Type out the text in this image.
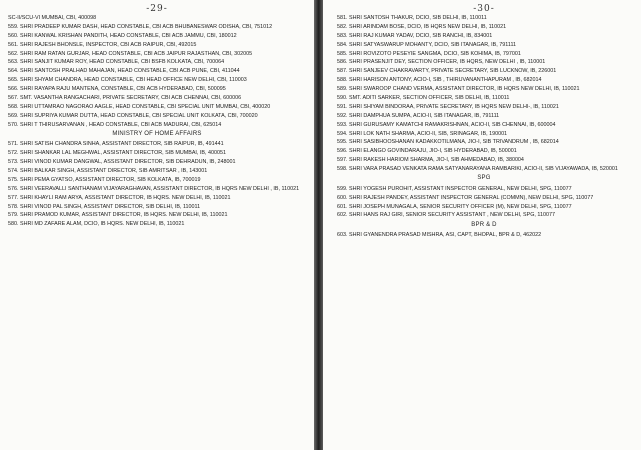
-29-
SC-II/SCU-VI MUMBAI, CBI, 400098
559. SHRI PRADEEP KUMAR DASH, HEAD CONSTABLE, CBI ACB BHUBANESWAR ODISHA, CBI, 751012
560. SHRI KANWAL KRISHAN PANDITH, HEAD CONSTABLE, CBI ACB JAMMU, CBI, 180012
561. SHRI RAJESH BHONSLE, INSPECTOR, CBI ACB RAIPUR, CBI, 492015
562. SHRI RAM RATAN GURJAR, HEAD CONSTABLE, CBI ACB JAIPUR RAJASTHAN, CBI, 302005
563. SHRI SANJIT KUMAR ROY, HEAD CONSTABLE, CBI BSFB KOLKATA, CBI, 700064
564. SHRI SANTOSH PRALHAD MAHAJAN, HEAD CONSTABLE, CBI ACB PUNE, CBI, 411044
565. SHRI SHYAM CHANDRA, HEAD CONSTABLE, CBI HEAD OFFICE NEW DELHI, CBI, 110003
566. SHRI RAYAPA RAJU MANTENA, CONSTABLE, CBI ACB HYDERABAD, CBI, 500095
567. SMT. VASANTHA RANGACHARI, PRIVATE SECRETARY, CBI ACB CHENNAI, CBI, 600006
568. SHRI UTTAMRAO NAGORAO AAGLE, HEAD CONSTABLE, CBI SPECIAL UNIT MUMBAI, CBI, 400020
569. SHRI SUPRIYA KUMAR DUTTA, HEAD CONSTABLE, CBI SPECIAL UNIT KOLKATA, CBI, 700020
570. SHRI T THIRUSARVANAN , HEAD CONSTABLE, CBI ACB MADURAI, CBI, 625014
MINISTRY OF HOME AFFAIRS
571. SHRI SATISH CHANDRA SINHA, ASSISTANT DIRECTOR, SIB RAIPUR, IB, 491441
572. SHRI SHANKAR LAL MEGHWAL, ASSISTANT DIRECTOR, SIB MUMBAI, IB, 400051
573. SHRI VINOD KUMAR DANGWAL, ASSISTANT DIRECTOR, SIB DEHRADUN, IB, 248001
574. SHRI BALKAR SINGH, ASSISTANT DIRECTOR, SIB AMRITSAR , IB, 143001
575. SHRI PEMA GYATSO, ASSISTANT DIRECTOR, SIB KOLKATA, IB, 700019
576. SHRI VEERAVALLI SANTHANAM VIJAYARAGHAVAN, ASSISTANT DIRECTOR, IB HQRS NEW DELHI , IB, 110021
577. SHRI KHAYLI RAM ARYA, ASSISTANT DIRECTOR, IB HQRS. NEW DELHI, IB, 110021
578. SHRI VINOD PAL SINGH, ASSISTANT DIRECTOR, SIB DELHI, IB, 110011
579. SHRI PRAMOD KUMAR, ASSISTANT DIRECTOR, IB HQRS. NEW DELHI, IB, 110021
580. SHRI MD ZAFARE ALAM, DCIO, IB HQRS. NEW DELHI, IB, 110021
-30-
581. SHRI SANTOSH THAKUR, DCIO, SIB DELHI, IB, 110011
582. SHRI ARINDAM BOSE, DCIO, IB HQRS NEW DELHI, IB, 110021
583. SHRI RAJ KUMAR YADAV, DCIO, SIB RANCHI, IB, 834001
584. SHRI SATYASWARUP MOHANTY, DCIO, SIB ITANAGAR, IB, 791111
585. SHRI ROVIZOTO PESEYIE SANGMA, DCIO, SIB KOHIMA, IB, 797001
586. SHRI PRASENJIT DEY, SECTION OFFICER, IB HQRS, NEW DELHI , IB, 110001
587. SHRI SANJEEV CHAKRAVARTY, PRIVATE SECRETARY, SIB LUCKNOW, IB, 226001
588. SHRI HARISON ANTONY, ACIO-I, SIB , THIRUVANANTHAPURAM , IB, 682014
589. SHRI SWAROOP CHAND VERMA, ASSISTANT DIRECTOR, IB HQRS NEW DELHI, IB, 110021
590. SMT. ADITI SARKER, SECTION OFFICER, SIB DELHI, IB, 110011
591. SHRI SHIYAM BINDORAA, PRIVATE SECRETARY, IB HQRS NEW DELHI-, IB, 110021
592. SHRI DAMPHUA SUMPA, ACIO-II, SIB ITANAGAR, IB, 791111
593. SHRI GURUSAMY KAMATCHI RAMAKRISHNAN, ACIO-II, SIB CHENNAI, IB, 600004
594. SHRI LOK NATH SHARMA, ACIO-II, SIB, SRINAGAR, IB, 190001
595. SHRI SASIBHOOSHANAN KADAKKOTILMANA, JIO-I, SIB TRIVANDRUM , IB, 682014
596. SHRI ELANGO GOVINDARAJU, JIO-I, SIB HYDERABAD, IB, 500001
597. SHRI RAKESH HARIOM SHARMA, JIO-I, SIB AHMEDABAD, IB, 380004
598. SHRI VARA PRASAD VENKATA RAMA SATYANARAYANA RAMBARIKI, ACIO-II, SIB VIJAYAWADA, IB, 520001
SPG
599. SHRI YOGESH PUROHIT, ASSISTANT INSPECTOR GENERAL, NEW DELHI, SPG, 110077
600. SHRI RAJESH PANDEY, ASSISTANT INSPECTOR GENERAL (COMMN), NEW DELHI, SPG, 110077
601. SHRI JOSEPH MUNAGALA, SENIOR SECURITY OFFICER (M), NEW DELHI, SPG, 110077
602. SHRI HANS RAJ GIRI, SENIOR SECURITY ASSISTANT , NEW DELHI, SPG, 110077
BPR & D
603. SHRI GYANENDRA PRASAD MISHRA, ASI, CAPT, BHOPAL, BPR & D, 462022
